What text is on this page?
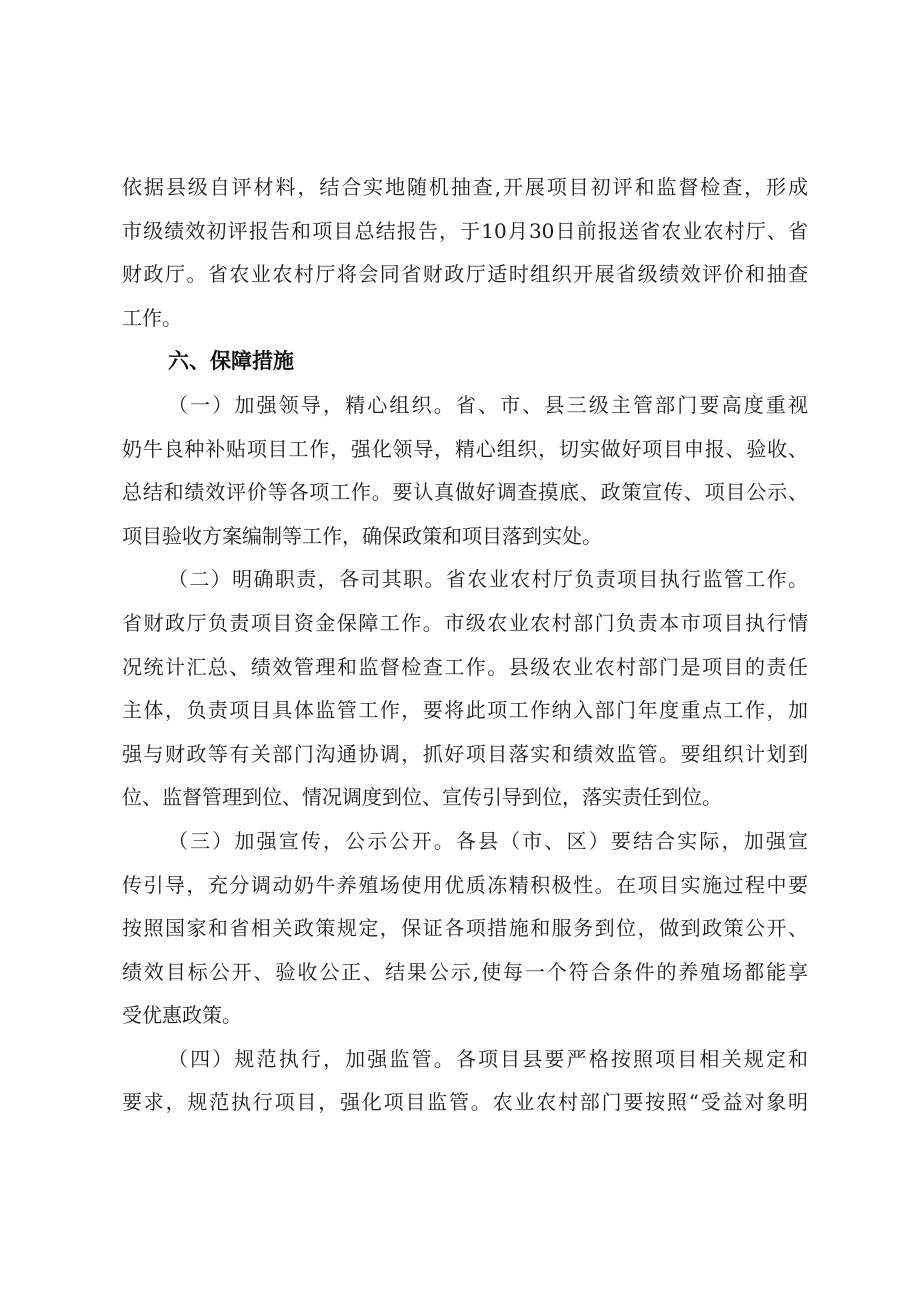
依据县级自评材料，结合实地随机抽查,开展项目初评和监督检查，形成
市级绩效初评报告和项目总结报告，于10月30日前报送省农业农村厅、省
财政厅。省农业农村厅将会同省财政厅适时组织开展省级绩效评价和抽查
工作。
六、保障措施
（一）加强领导，精心组织。省、市、县三级主管部门要高度重视
奶牛良种补贴项目工作，强化领导，精心组织，切实做好项目申报、验收、
总结和绩效评价等各项工作。要认真做好调查摸底、政策宣传、项目公示、
项目验收方案编制等工作，确保政策和项目落到实处。
（二）明确职责，各司其职。省农业农村厅负责项目执行监管工作。
省财政厅负责项目资金保障工作。市级农业农村部门负责本市项目执行情
况统计汇总、绩效管理和监督检查工作。县级农业农村部门是项目的责任
主体，负责项目具体监管工作，要将此项工作纳入部门年度重点工作，加
强与财政等有关部门沟通协调，抓好项目落实和绩效监管。要组织计划到
位、监督管理到位、情况调度到位、宣传引导到位，落实责任到位。
（三）加强宣传，公示公开。各县（市、区）要结合实际，加强宣
传引导，充分调动奶牛养殖场使用优质冻精积极性。在项目实施过程中要
按照国家和省相关政策规定，保证各项措施和服务到位，做到政策公开、
绩效目标公开、验收公正、结果公示,使每一个符合条件的养殖场都能享
受优惠政策。
（四）规范执行，加强监管。各项目县要严格按照项目相关规定和
要求，规范执行项目，强化项目监管。农业农村部门要按照“受益对象明
